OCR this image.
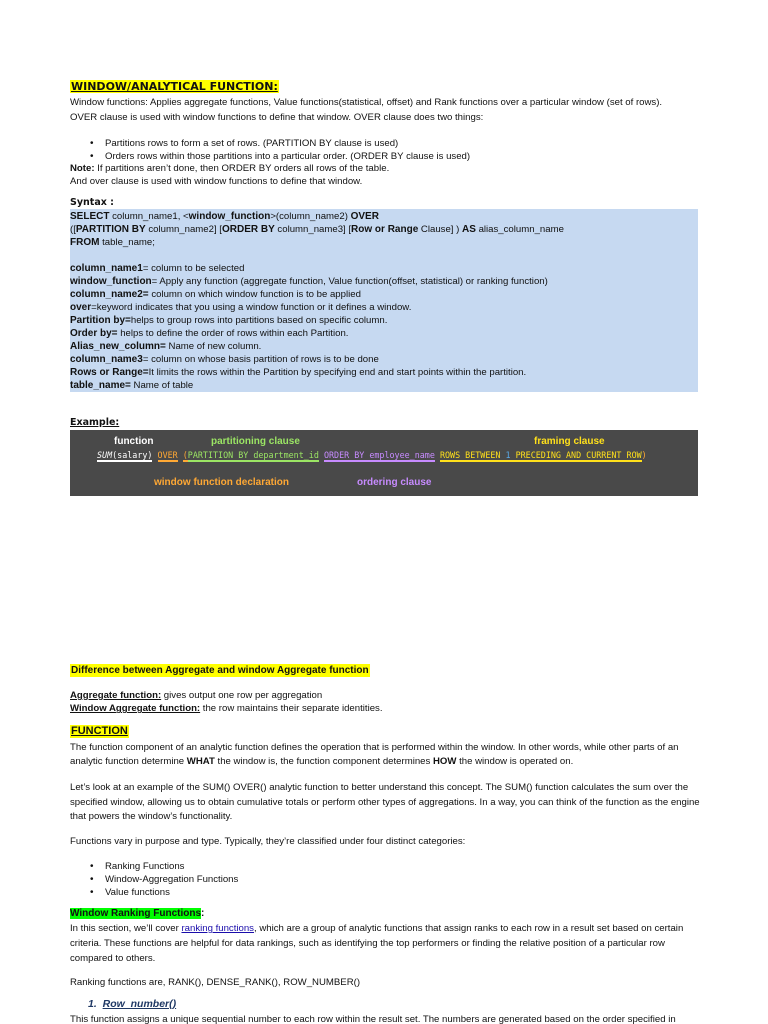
WINDOW/ANALYTICAL FUNCTION:
Window functions: Applies aggregate functions, Value functions(statistical, offset) and Rank functions over a particular window (set of rows).
OVER clause is used with window functions to define that window. OVER clause does two things:
• Partitions rows to form a set of rows. (PARTITION BY clause is used)
• Orders rows within those partitions into a particular order. (ORDER BY clause is used)
Note: If partitions aren’t done, then ORDER BY orders all rows of the table.
And over clause is used with window functions to define that window.
Syntax :
SELECT column_name1, <window_function>(column_name2) OVER
([PARTITION BY column_name2] [ORDER BY column_name3] [Row or Range Clause] ) AS alias_column_name
FROM table_name;
column_name1= column to be selected
window_function= Apply any function (aggregate function, Value function(offset, statistical) or ranking function)
column_name2= column on which window function is to be applied
over=keyword indicates that you using a window function or it defines a window.
Partition by=helps to group rows into partitions based on specific column.
Order by= helps to define the order of rows within each Partition.
Alias_new_column= Name of new column.
column_name3= column on whose basis partition of rows is to be done
Rows or Range=It limits the rows within the Partition by specifying end and start points within the partition.
table_name= Name of table
Example:
function	partitioning clause	framing clause
SUM(salary) OVER (PARTITION BY department_id ORDER BY employee_name ROWS BETWEEN 1 PRECEDING AND CURRENT ROW)
window function declaration	ordering clause
Difference between Aggregate and window Aggregate function
Aggregate function: gives output one row per aggregation
Window Aggregate function: the row maintains their separate identities.
FUNCTION
The function component of an analytic function defines the operation that is performed within the window. In other words, while other parts of an analytic function determine WHAT the window is, the function component determines HOW the window is operated on.
Let’s look at an example of the SUM() OVER() analytic function to better understand this concept. The SUM() function calculates the sum over the specified window, allowing us to obtain cumulative totals or perform other types of aggregations. In a way, you can think of the function as the engine that powers the window’s functionality.
Functions vary in purpose and type. Typically, they’re classified under four distinct categories:
• Ranking Functions
• Window-Aggregation Functions
• Value functions
Window Ranking Functions:
In this section, we’ll cover ranking functions, which are a group of analytic functions that assign ranks to each row in a result set based on certain criteria. These functions are helpful for data rankings, such as identifying the top performers or finding the relative position of a particular row compared to others.
Ranking functions are, RANK(), DENSE_RANK(), ROW_NUMBER()
1. Row_number()
This function assigns a unique sequential number to each row within the result set. The numbers are generated based on the order specified in
